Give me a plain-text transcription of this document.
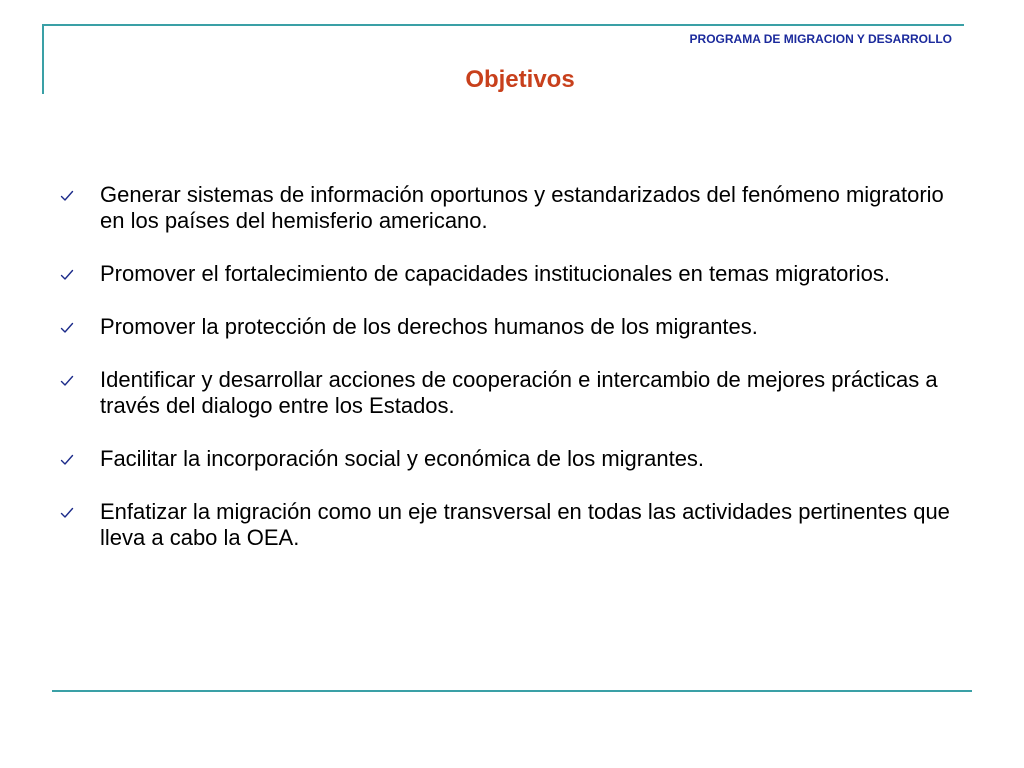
PROGRAMA DE MIGRACION Y DESARROLLO
Objetivos
Generar sistemas de información oportunos y estandarizados del fenómeno migratorio en los países del hemisferio americano.
Promover el fortalecimiento de capacidades institucionales en temas migratorios.
Promover la protección de los derechos humanos de los migrantes.
Identificar y desarrollar acciones de cooperación e intercambio de mejores prácticas a través del dialogo entre los Estados.
Facilitar la incorporación social y económica de los migrantes.
Enfatizar la migración como un eje transversal en todas las actividades pertinentes que lleva a cabo la OEA.
